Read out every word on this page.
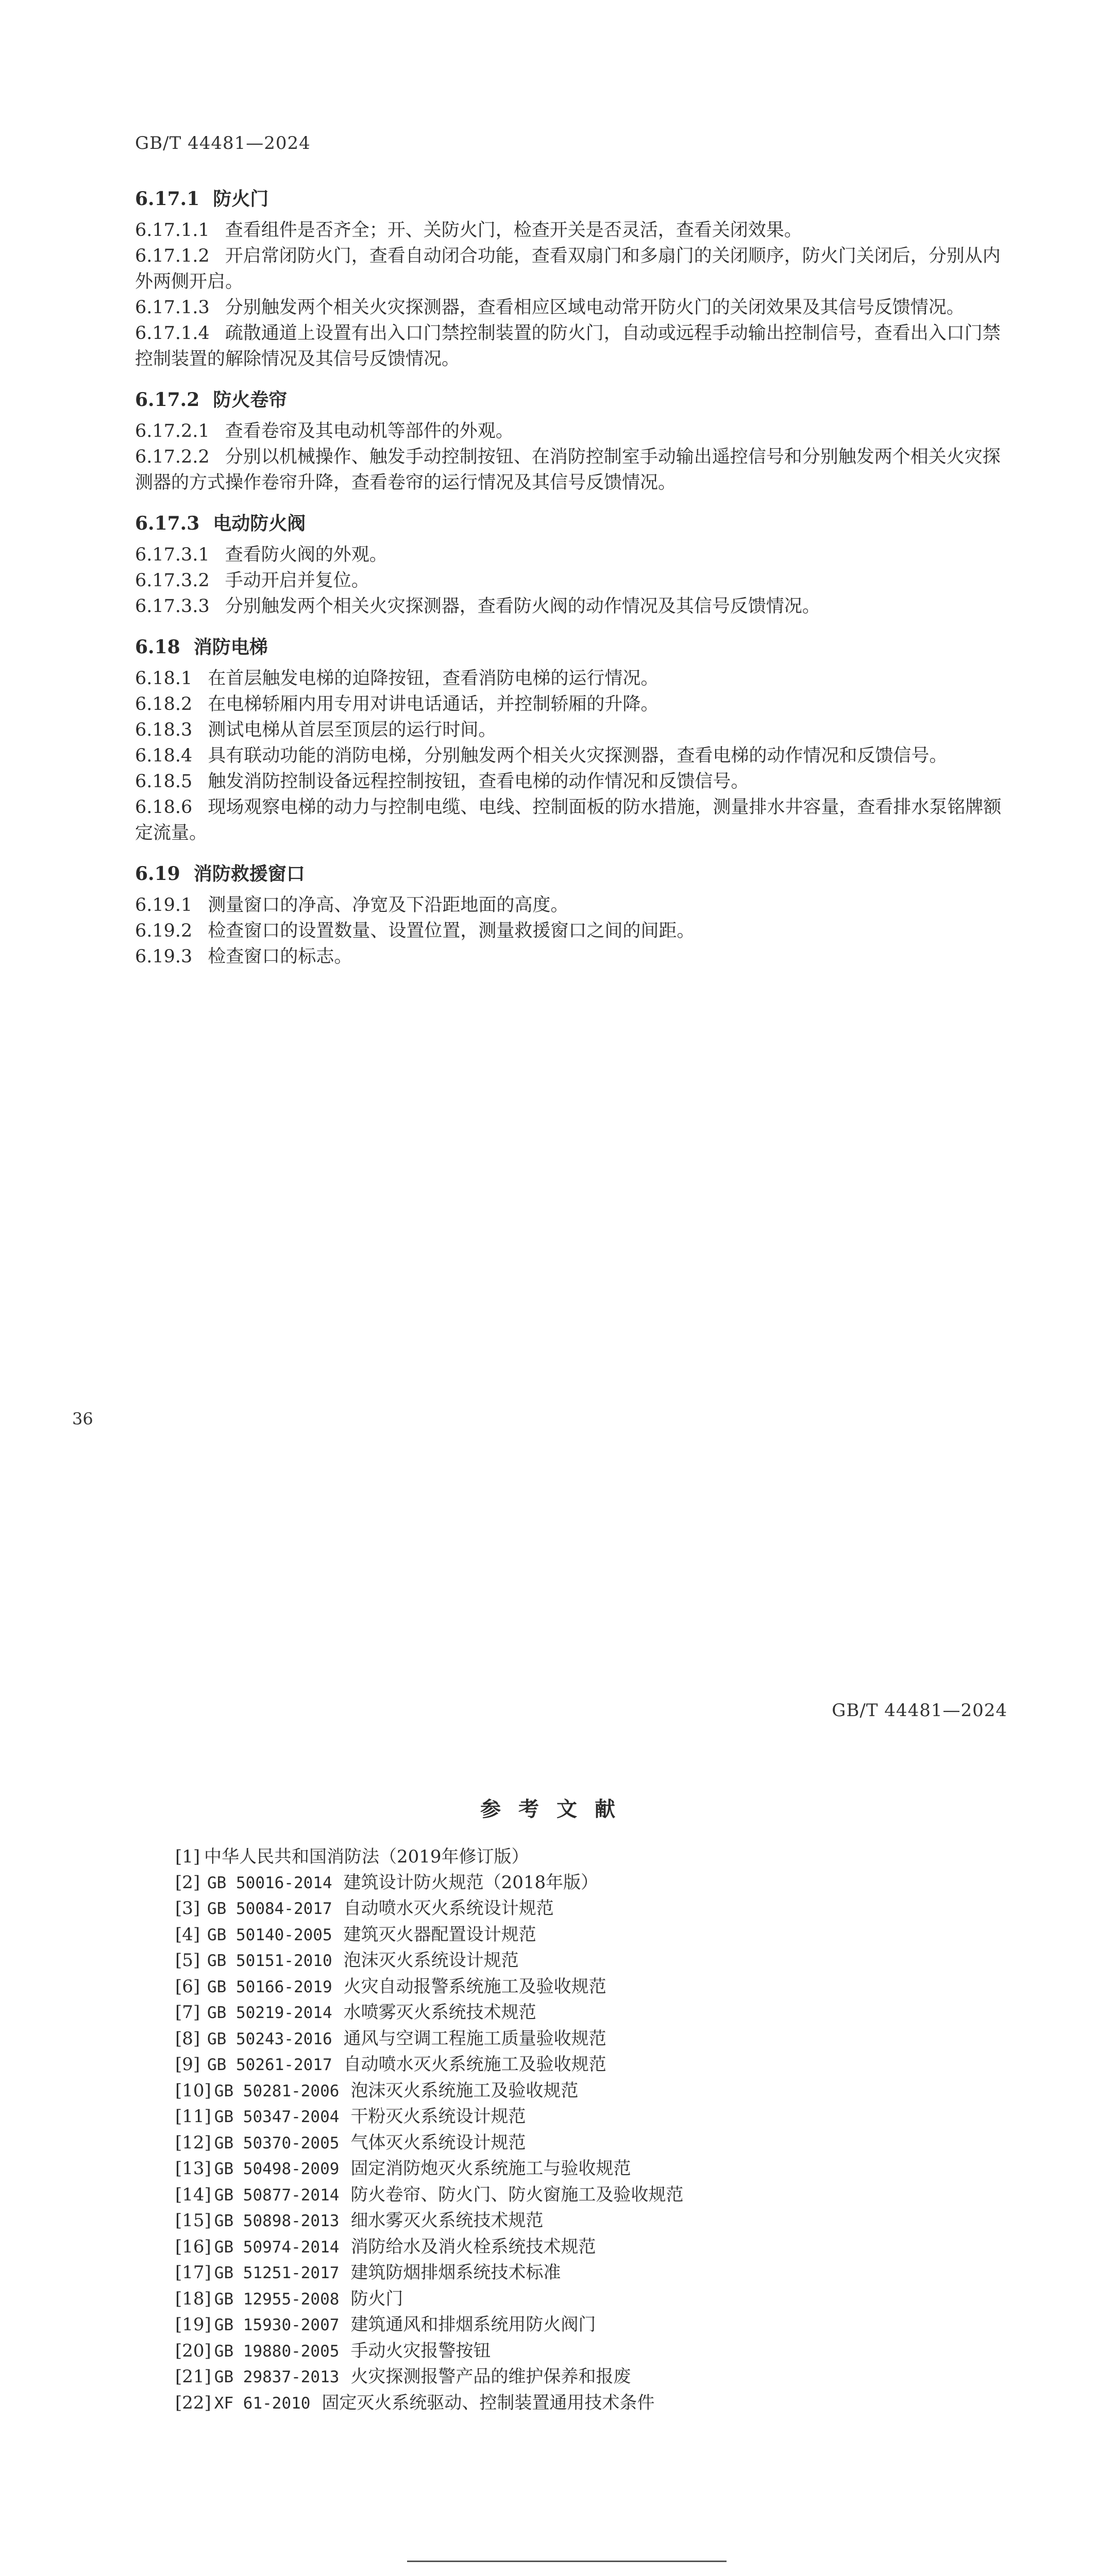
GB/T 44481—2024
6.17.1 防火门

6.17.1.1 查看组件是否齐全；开、关防火门，检查开关是否灵活，查看关闭效果。

6.17.1.2 开启常闭防火门，查看自动闭合功能，查看双扇门和多扇门的关闭顺序，防火门关闭后，分别从内外两侧开启。

6.17.1.3 分别触发两个相关火灾探测器，查看相应区域电动常开防火门的关闭效果及其信号反馈情况。

6.17.1.4 疏散通道上设置有出入口门禁控制装置的防火门，自动或远程手动输出控制信号，查看出入口门禁控制装置的解除情况及其信号反馈情况。

6.17.2 防火卷帘

6.17.2.1 查看卷帘及其电动机等部件的外观。

6.17.2.2 分别以机械操作、触发手动控制按钮、在消防控制室手动输出遥控信号和分别触发两个相关火灾探测器的方式操作卷帘升降，查看卷帘的运行情况及其信号反馈情况。

6.17.3 电动防火阀

6.17.3.1 查看防火阀的外观。

6.17.3.2 手动开启并复位。

6.17.3.3 分别触发两个相关火灾探测器，查看防火阀的动作情况及其信号反馈情况。

6.18 消防电梯

6.18.1 在首层触发电梯的迫降按钮，查看消防电梯的运行情况。

6.18.2 在电梯轿厢内用专用对讲电话通话，并控制轿厢的升降。

6.18.3 测试电梯从首层至顶层的运行时间。

6.18.4 具有联动功能的消防电梯，分别触发两个相关火灾探测器，查看电梯的动作情况和反馈信号。

6.18.5 触发消防控制设备远程控制按钮，查看电梯的动作情况和反馈信号。

6.18.6 现场观察电梯的动力与控制电缆、电线、控制面板的防水措施，测量排水井容量，查看排水泵铭牌额定流量。

6.19 消防救援窗口

6.19.1 测量窗口的净高、净宽及下沿距地面的高度。

6.19.2 检查窗口的设置数量、设置位置，测量救援窗口之间的间距。

6.19.3 检查窗口的标志。

36
GB/T 44481—2024
参考文献
[1] 中华人民共和国消防法（2019年修订版）
[2] GB 50016-2014 建筑设计防火规范（2018年版）
[3] GB 50084-2017 自动喷水灭火系统设计规范
[4] GB 50140-2005 建筑灭火器配置设计规范
[5] GB 50151-2010 泡沫灭火系统设计规范
[6] GB 50166-2019 火灾自动报警系统施工及验收规范
[7] GB 50219-2014 水喷雾灭火系统技术规范
[8] GB 50243-2016 通风与空调工程施工质量验收规范
[9] GB 50261-2017 自动喷水灭火系统施工及验收规范
[10] GB 50281-2006 泡沫灭火系统施工及验收规范
[11] GB 50347-2004 干粉灭火系统设计规范
[12] GB 50370-2005 气体灭火系统设计规范
[13] GB 50498-2009 固定消防炮灭火系统施工与验收规范
[14] GB 50877-2014 防火卷帘、防火门、防火窗施工及验收规范
[15] GB 50898-2013 细水雾灭火系统技术规范
[16] GB 50974-2014 消防给水及消火栓系统技术规范
[17] GB 51251-2017 建筑防烟排烟系统技术标准
[18] GB 12955-2008 防火门
[19] GB 15930-2007 建筑通风和排烟系统用防火阀门
[20] GB 19880-2005 手动火灾报警按钮
[21] GB 29837-2013 火灾探测报警产品的维护保养和报废
[22] XF 61-2010 固定灭火系统驱动、控制装置通用技术条件
